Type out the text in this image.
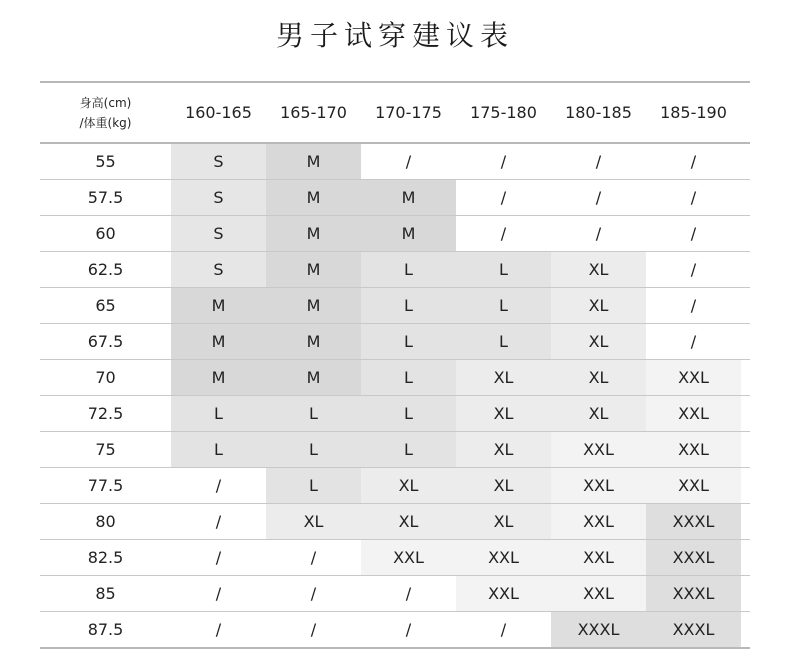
男子试穿建议表
身高(cm)
/体重(kg)
160-165	165-170	170-175	175-180	180-185	185-190
55	S	M	/	/	/	/
57.5	S	M	M	/	/	/
60	S	M	M	/	/	/
62.5	S	M	L	L	XL	/
65	M	M	L	L	XL	/
67.5	M	M	L	L	XL	/
70	M	M	L	XL	XL	XXL
72.5	L	L	L	XL	XL	XXL
75	L	L	L	XL	XXL	XXL
77.5	/	L	XL	XL	XXL	XXL
80	/	XL	XL	XL	XXL	XXXL
82.5	/	/	XXL	XXL	XXL	XXXL
85	/	/	/	XXL	XXL	XXXL
87.5	/	/	/	/	XXXL	XXXL
